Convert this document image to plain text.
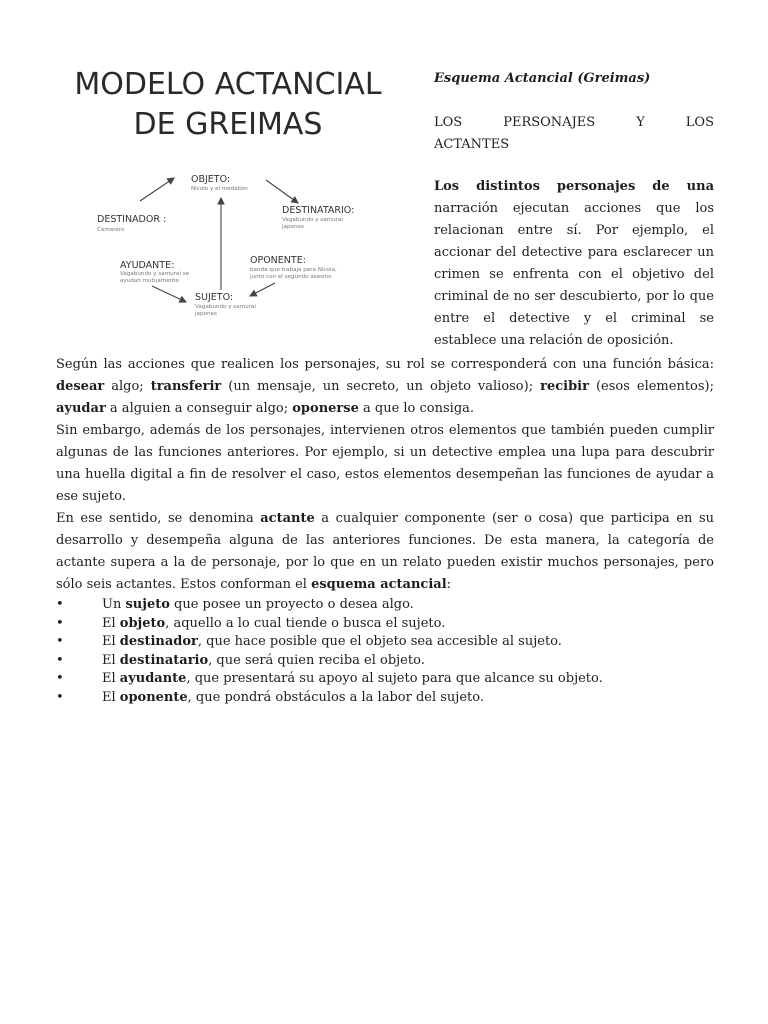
MODELO ACTANCIAL
DE GREIMAS
OBJETO:
Nicolo y el medallón
DESTINATARIO:
Vagabundo y samurai
japones
DESTINADOR :
Camarero
AYUDANTE:
Vagabundo y samurai se
ayudan mutuamente
OPONENTE:
banda que trabaja para Nicola,
junto con el segundo asesino
SUJETO:
Vagabundo y samurai
japones

Esquema Actancial (Greimas)

LOS PERSONAJES Y LOS
ACTANTES

Los distintos personajes de una narración ejecutan acciones que los relacionan entre sí. Por ejemplo, el accionar del detective para esclarecer un crimen se enfrenta con el objetivo del criminal de no ser descubierto, por lo que entre el detective y el criminal se establece una relación de oposición.

Según las acciones que realicen los personajes, su rol se corresponderá con una función básica: desear algo; transferir (un mensaje, un secreto, un objeto valioso); recibir (esos elementos); ayudar a alguien a conseguir algo; oponerse a que lo consiga.

Sin embargo, además de los personajes, intervienen otros elementos que también pueden cumplir algunas de las funciones anteriores. Por ejemplo, si un detective emplea una lupa para descubrir una huella digital a fin de resolver el caso, estos elementos desempeñan las funciones de ayudar a ese sujeto.

En ese sentido, se denomina actante a cualquier componente (ser o cosa) que participa en su desarrollo y desempeña alguna de las anteriores funciones. De esta manera, la categoría de actante supera a la de personaje, por lo que en un relato pueden existir muchos personajes, pero sólo seis actantes. Estos conforman el esquema actancial:

•	Un sujeto que posee un proyecto o desea algo.
•	El objeto, aquello a lo cual tiende o busca el sujeto.
•	El destinador, que hace posible que el objeto sea accesible al sujeto.
•	El destinatario, que será quien reciba el objeto.
•	El ayudante, que presentará su apoyo al sujeto para que alcance su objeto.
•	El oponente, que pondrá obstáculos a la labor del sujeto.
